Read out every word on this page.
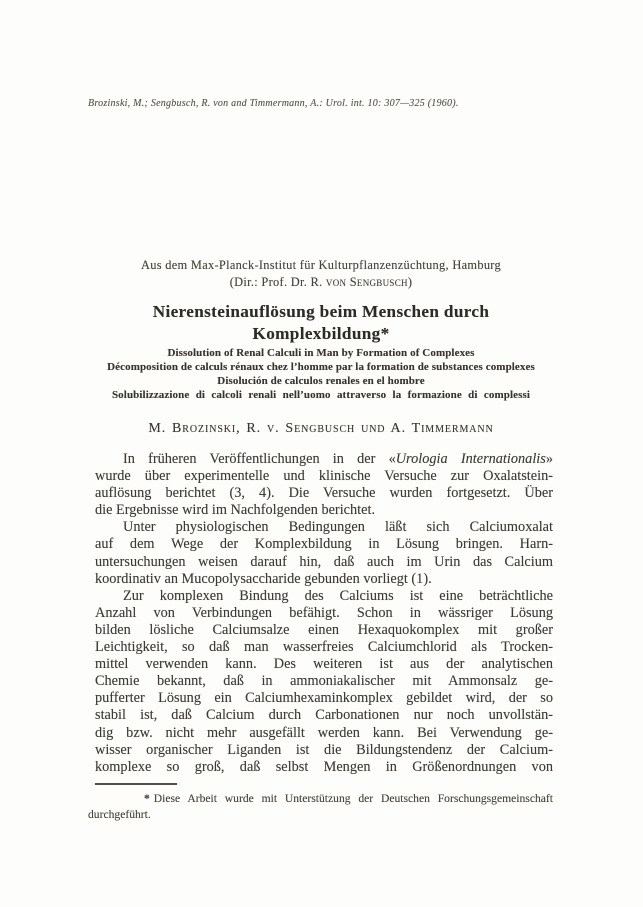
Brozinski, M.; Sengbusch, R. von and Timmermann, A.: Urol. int. 10: 307—325 (1960).
Aus dem Max-Planck-Institut für Kulturpflanzenzüchtung, Hamburg
(Dir.: Prof. Dr. R. von Sengbusch)
Nierensteinauflösung beim Menschen durch
Komplexbildung*
Dissolution of Renal Calculi in Man by Formation of Complexes
Décomposition de calculs rénaux chez l’homme par la formation de substances complexes
Disolución de calculos renales en el hombre
Solubilizzazione di calcoli renali nell’uomo attraverso la formazione di complessi
M. Brozinski, R. v. Sengbusch und A. Timmermann
In früheren Veröffentlichungen in der «Urologia Internationalis»
wurde über experimentelle und klinische Versuche zur Oxalatstein-
auflösung berichtet (3, 4). Die Versuche wurden fortgesetzt. Über
die Ergebnisse wird im Nachfolgenden berichtet.
Unter physiologischen Bedingungen läßt sich Calciumoxalat
auf dem Wege der Komplexbildung in Lösung bringen. Harn-
untersuchungen weisen darauf hin, daß auch im Urin das Calcium
koordinativ an Mucopolysaccharide gebunden vorliegt (1).
Zur komplexen Bindung des Calciums ist eine beträchtliche
Anzahl von Verbindungen befähigt. Schon in wässriger Lösung
bilden lösliche Calciumsalze einen Hexaquokomplex mit großer
Leichtigkeit, so daß man wasserfreies Calciumchlorid als Trocken-
mittel verwenden kann. Des weiteren ist aus der analytischen
Chemie bekannt, daß in ammoniakalischer mit Ammonsalz ge-
pufferter Lösung ein Calciumhexaminkomplex gebildet wird, der so
stabil ist, daß Calcium durch Carbonationen nur noch unvollstän-
dig bzw. nicht mehr ausgefällt werden kann. Bei Verwendung ge-
wisser organischer Liganden ist die Bildungstendenz der Calcium-
komplexe so groß, daß selbst Mengen in Größenordnungen von
* Diese Arbeit wurde mit Unterstützung der Deutschen Forschungsgemeinschaft
durchgeführt.
